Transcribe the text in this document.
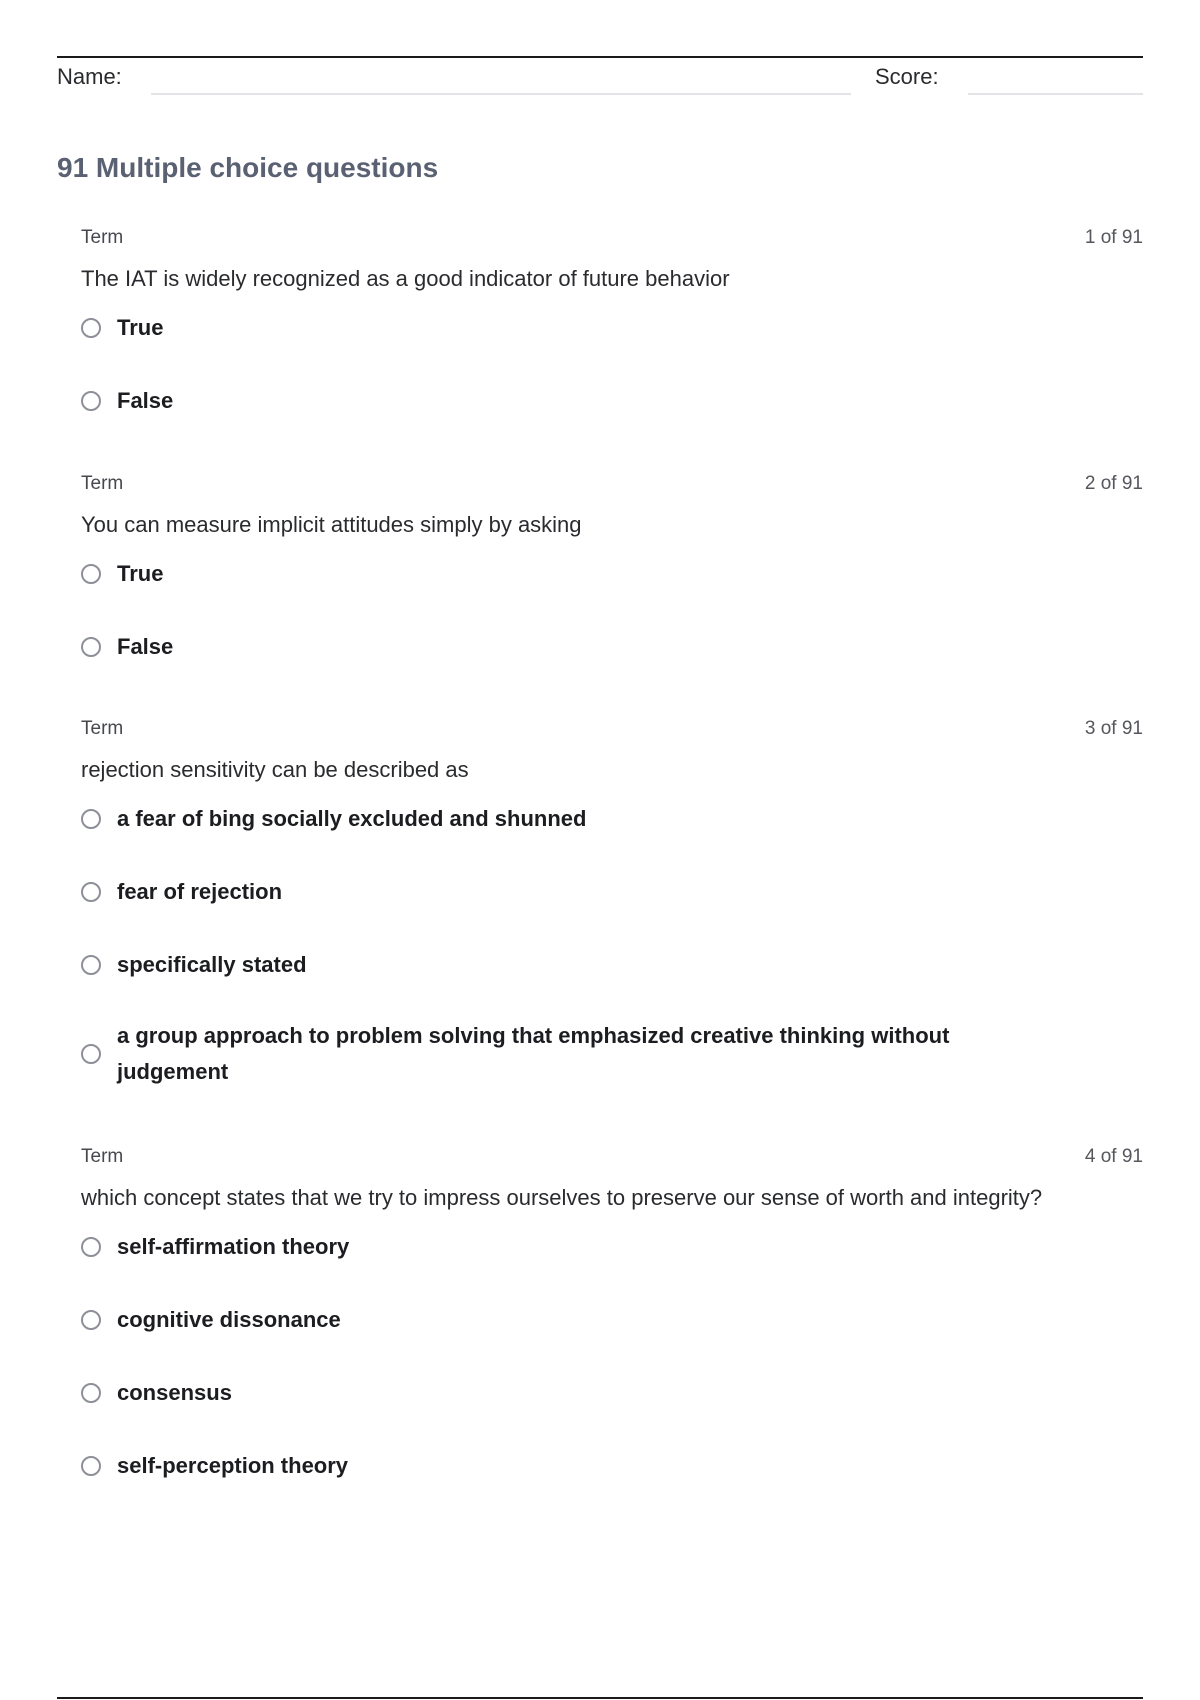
Name:	Score:
91 Multiple choice questions
Term	1 of 91

The IAT is widely recognized as a good indicator of future behavior

True
False
Term	2 of 91

You can measure implicit attitudes simply by asking

True
False
Term	3 of 91

rejection sensitivity can be described as

a fear of bing socially excluded and shunned
fear of rejection
specifically stated
a group approach to problem solving that emphasized creative thinking without judgement
Term	4 of 91

which concept states that we try to impress ourselves to preserve our sense of worth and integrity?

self-affirmation theory
cognitive dissonance
consensus
self-perception theory
